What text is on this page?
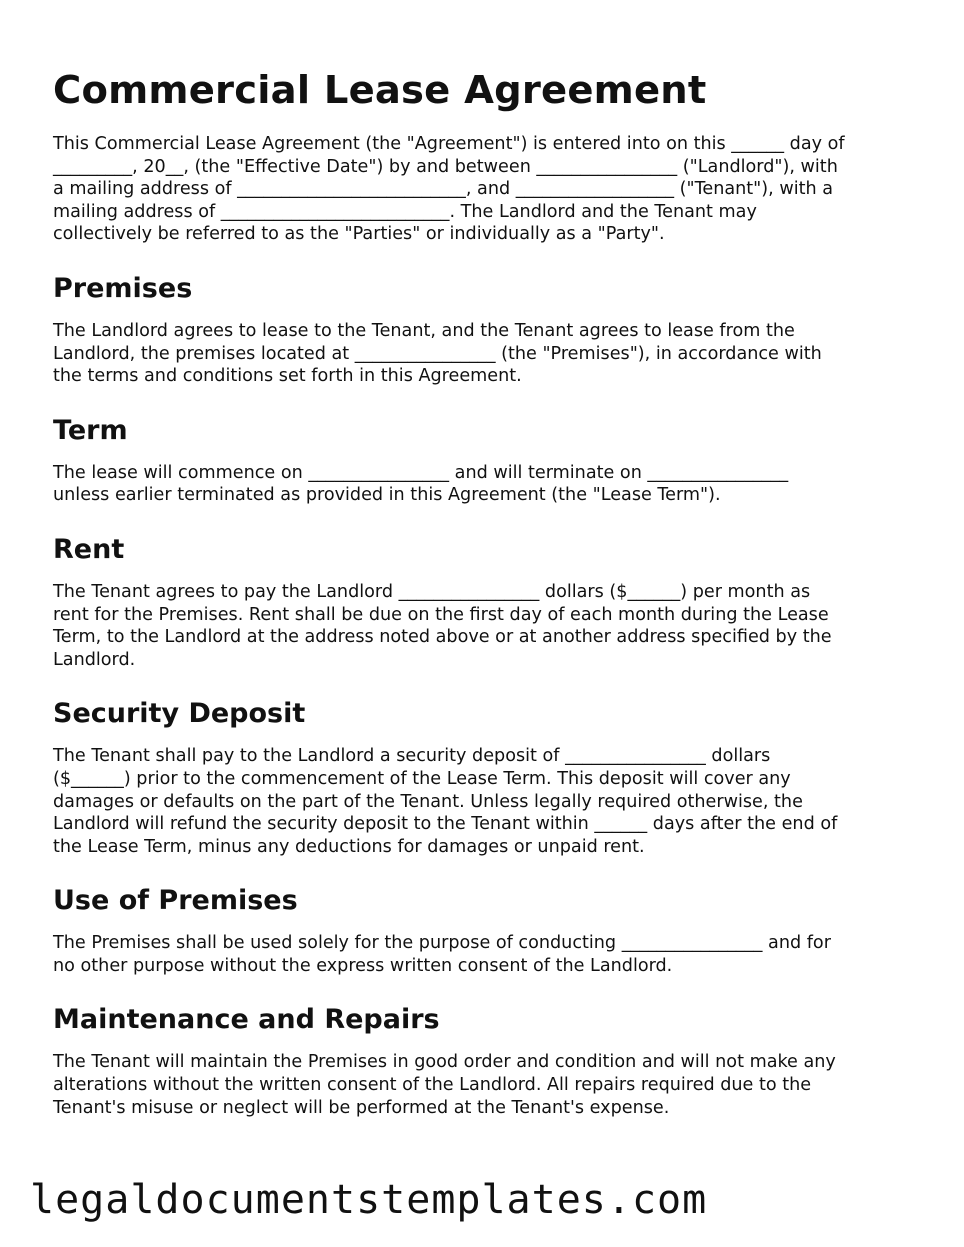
Commercial Lease Agreement

This Commercial Lease Agreement (the "Agreement") is entered into on this ______ day of
_________, 20__, (the "Effective Date") by and between ________________ ("Landlord"), with
a mailing address of __________________________, and __________________ ("Tenant"), with a
mailing address of __________________________. The Landlord and the Tenant may
collectively be referred to as the "Parties" or individually as a "Party".

Premises

The Landlord agrees to lease to the Tenant, and the Tenant agrees to lease from the
Landlord, the premises located at ________________ (the "Premises"), in accordance with
the terms and conditions set forth in this Agreement.

Term

The lease will commence on ________________ and will terminate on ________________
unless earlier terminated as provided in this Agreement (the "Lease Term").

Rent

The Tenant agrees to pay the Landlord ________________ dollars ($______) per month as
rent for the Premises. Rent shall be due on the first day of each month during the Lease
Term, to the Landlord at the address noted above or at another address specified by the
Landlord.

Security Deposit

The Tenant shall pay to the Landlord a security deposit of ________________ dollars
($______) prior to the commencement of the Lease Term. This deposit will cover any
damages or defaults on the part of the Tenant. Unless legally required otherwise, the
Landlord will refund the security deposit to the Tenant within ______ days after the end of
the Lease Term, minus any deductions for damages or unpaid rent.

Use of Premises

The Premises shall be used solely for the purpose of conducting ________________ and for
no other purpose without the express written consent of the Landlord.

Maintenance and Repairs

The Tenant will maintain the Premises in good order and condition and will not make any
alterations without the written consent of the Landlord. All repairs required due to the
Tenant's misuse or neglect will be performed at the Tenant's expense.

legaldocumentstemplates.com
